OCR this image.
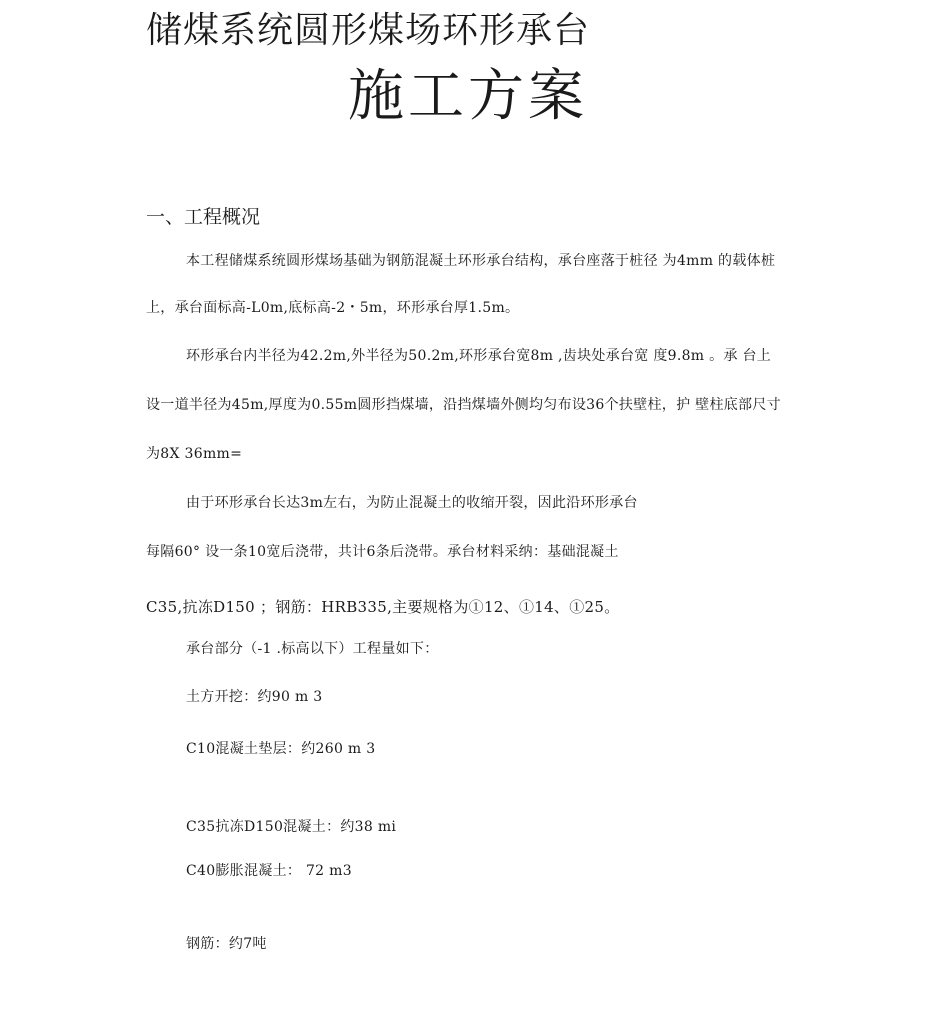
储煤系统圆形煤场环形承台
施工方案
一、工程概况
本工程储煤系统圆形煤场基础为钢筋混凝土环形承台结构，承台座落于桩径 为4mm 的载体桩
上，承台面标高-L0m,底标高-2・5m，环形承台厚1.5m。
环形承台内半径为42.2m,外半径为50.2m,环形承台宽8m ,齿块处承台宽 度9.8m 。承 台上
设一道半径为45m,厚度为0.55m圆形挡煤墙，沿挡煤墙外侧均匀布设36个扶壁柱，护 壁柱底部尺寸
为8X 36mm=
由于环形承台长达3m左右，为防止混凝土的收缩开裂，因此沿环形承台
每隔60° 设一条10宽后浇带，共计6条后浇带。承台材料采纳：基础混凝土
C35,抗冻D150 ；钢筋：HRB335,主要规格为①12、①14、①25。
承台部分（-1 .标高以下）工程量如下：
土方开挖：约90 m 3
C10混凝土垫层：约260 m 3
C35抗冻D150混凝土：约38 mi
C40膨胀混凝土： 72 m3
钢筋：约7吨
